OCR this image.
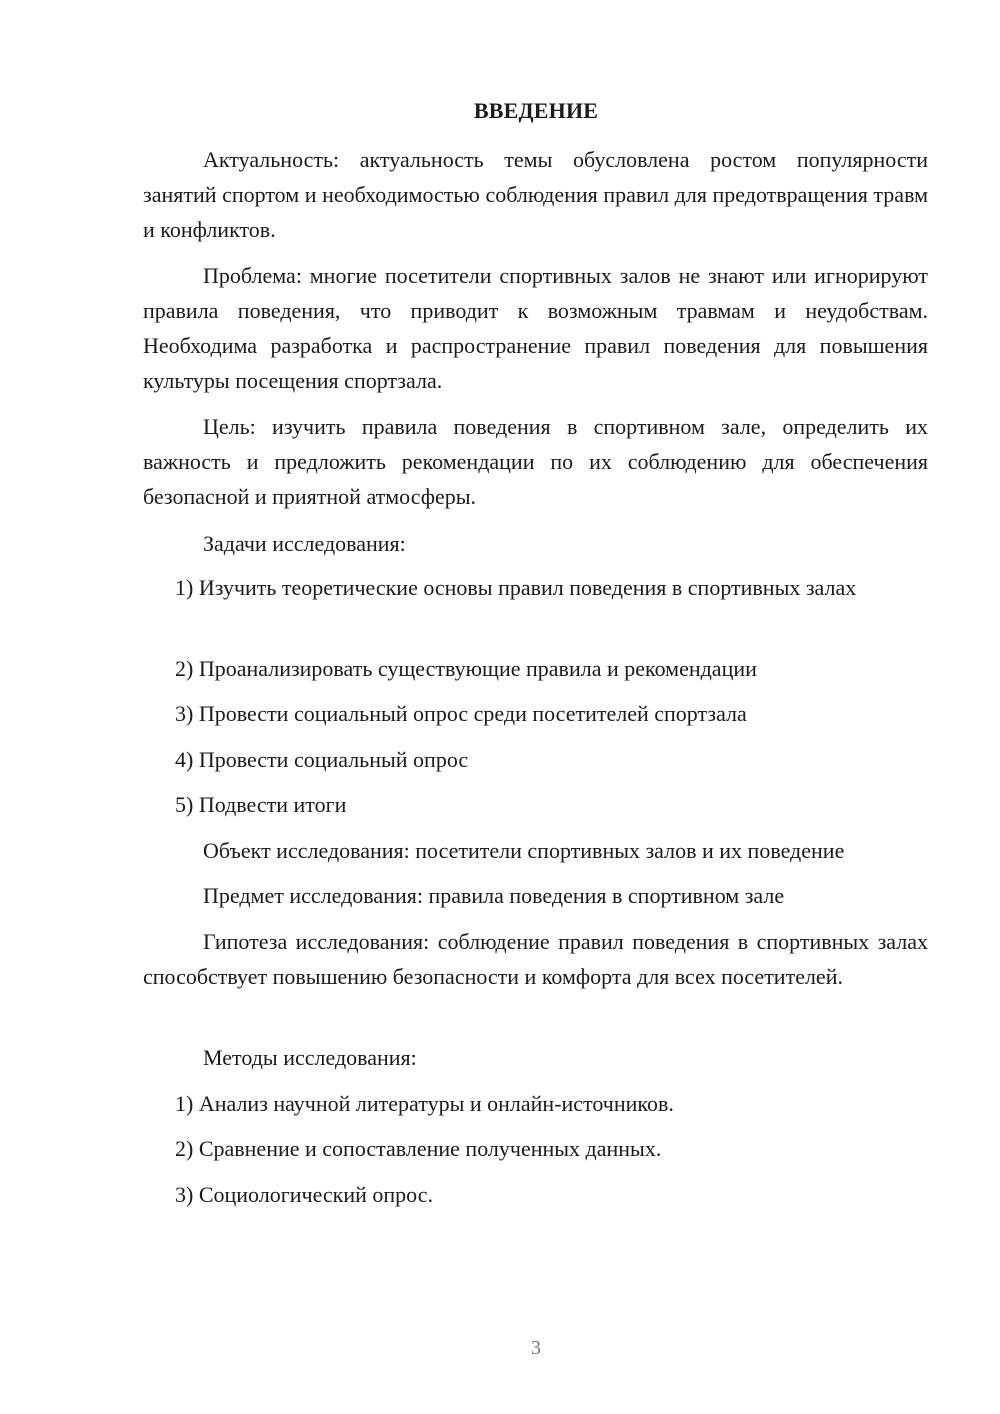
ВВЕДЕНИЕ
Актуальность: актуальность темы обусловлена ростом популярности занятий спортом и необходимостью соблюдения правил для предотвращения травм и конфликтов.
Проблема: многие посетители спортивных залов не знают или игнорируют правила поведения, что приводит к возможным травмам и неудобствам. Необходима разработка и распространение правил поведения для повышения культуры посещения спортзала.
Цель: изучить правила поведения в спортивном зале, определить их важность и предложить рекомендации по их соблюдению для обеспечения безопасной и приятной атмосферы.
Задачи исследования:
1) Изучить теоретические основы правил поведения в спортивных залах
2) Проанализировать существующие правила и рекомендации
3) Провести социальный опрос среди посетителей спортзала
4) Провести социальный опрос
5) Подвести итоги
Объект исследования: посетители спортивных залов и их поведение
Предмет исследования: правила поведения в спортивном зале
Гипотеза исследования: соблюдение правил поведения в спортивных залах способствует повышению безопасности и комфорта для всех посетителей.
Методы исследования:
1) Анализ научной литературы и онлайн-источников.
2) Сравнение и сопоставление полученных данных.
3) Социологический опрос.
3
